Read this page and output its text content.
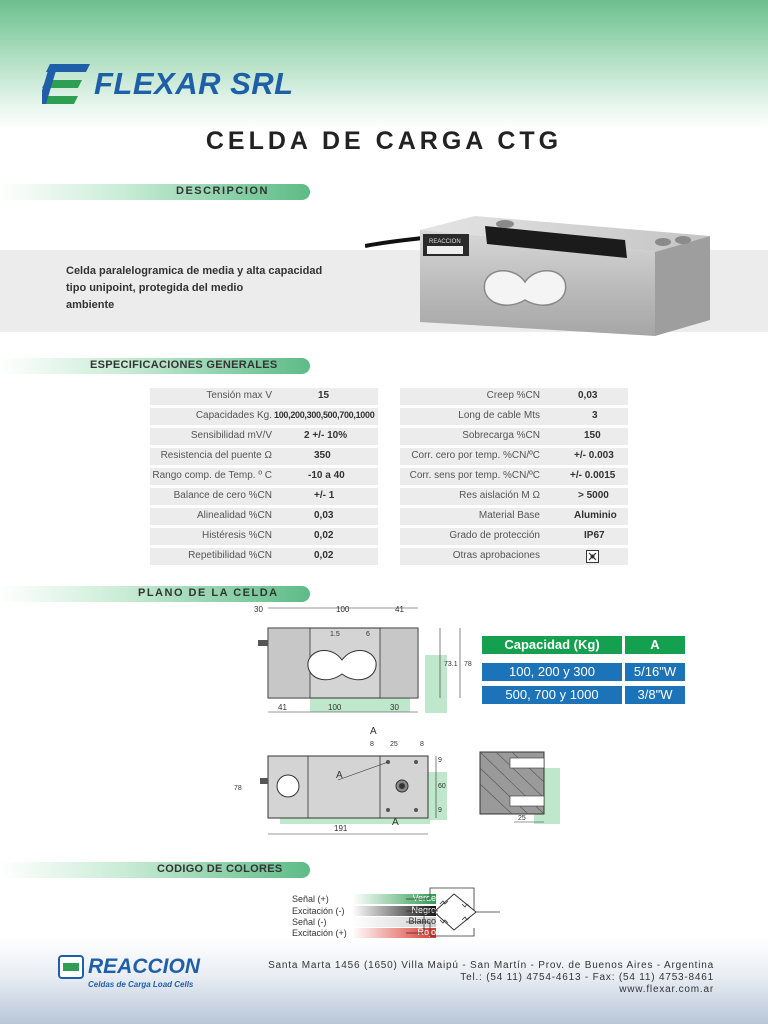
FLEXAR SRL
CELDA DE CARGA CTG
DESCRIPCION
Celda paralelogramica de media y alta capacidad
tipo unipoint, protegida del medio
ambiente
REACCION
ESPECIFICACIONES GENERALES
Tensión max V	15
Capacidades Kg. 100,200,300,500,700,1000
Sensibilidad mV/V	2 +/- 10%
Resistencia del puente Ω	350
Rango comp. de Temp. º C	-10 a 40
Balance de cero %CN	+/- 1
Alinealidad %CN	0,03
Histéresis %CN	0,02
Repetibilidad %CN	0,02
Creep %CN	0,03
Long de cable Mts	3
Sobrecarga %CN	150
Corr. cero por temp. %CN/ºC	+/- 0.003
Corr. sens por temp. %CN/ºC	+/- 0.0015
Res aislación M Ω	> 5000
Material Base	Aluminio
Grado de protección	IP67
Otras aprobaciones
PLANO DE LA CELDA
30	100	41
41	100	30
1.5	6
73.1 78
Capacidad (Kg)	A
100, 200 y 300	5/16"W
500, 700 y 1000	3/8"W
A
A
A
8 25	8
78
9
60
9
191
25
CODIGO DE COLORES
Señal (+)	Verde
Excitación (-)	Negro
Señal (-)	Blanco
Excitación (+)	Rojo
REACCION
Celdas de Carga Load Cells
Santa Marta 1456 (1650) Villa Maipú - San Martín - Prov. de Buenos Aires - Argentina
Tel.: (54 11) 4754-4613 - Fax: (54 11) 4753-8461
www.flexar.com.ar
